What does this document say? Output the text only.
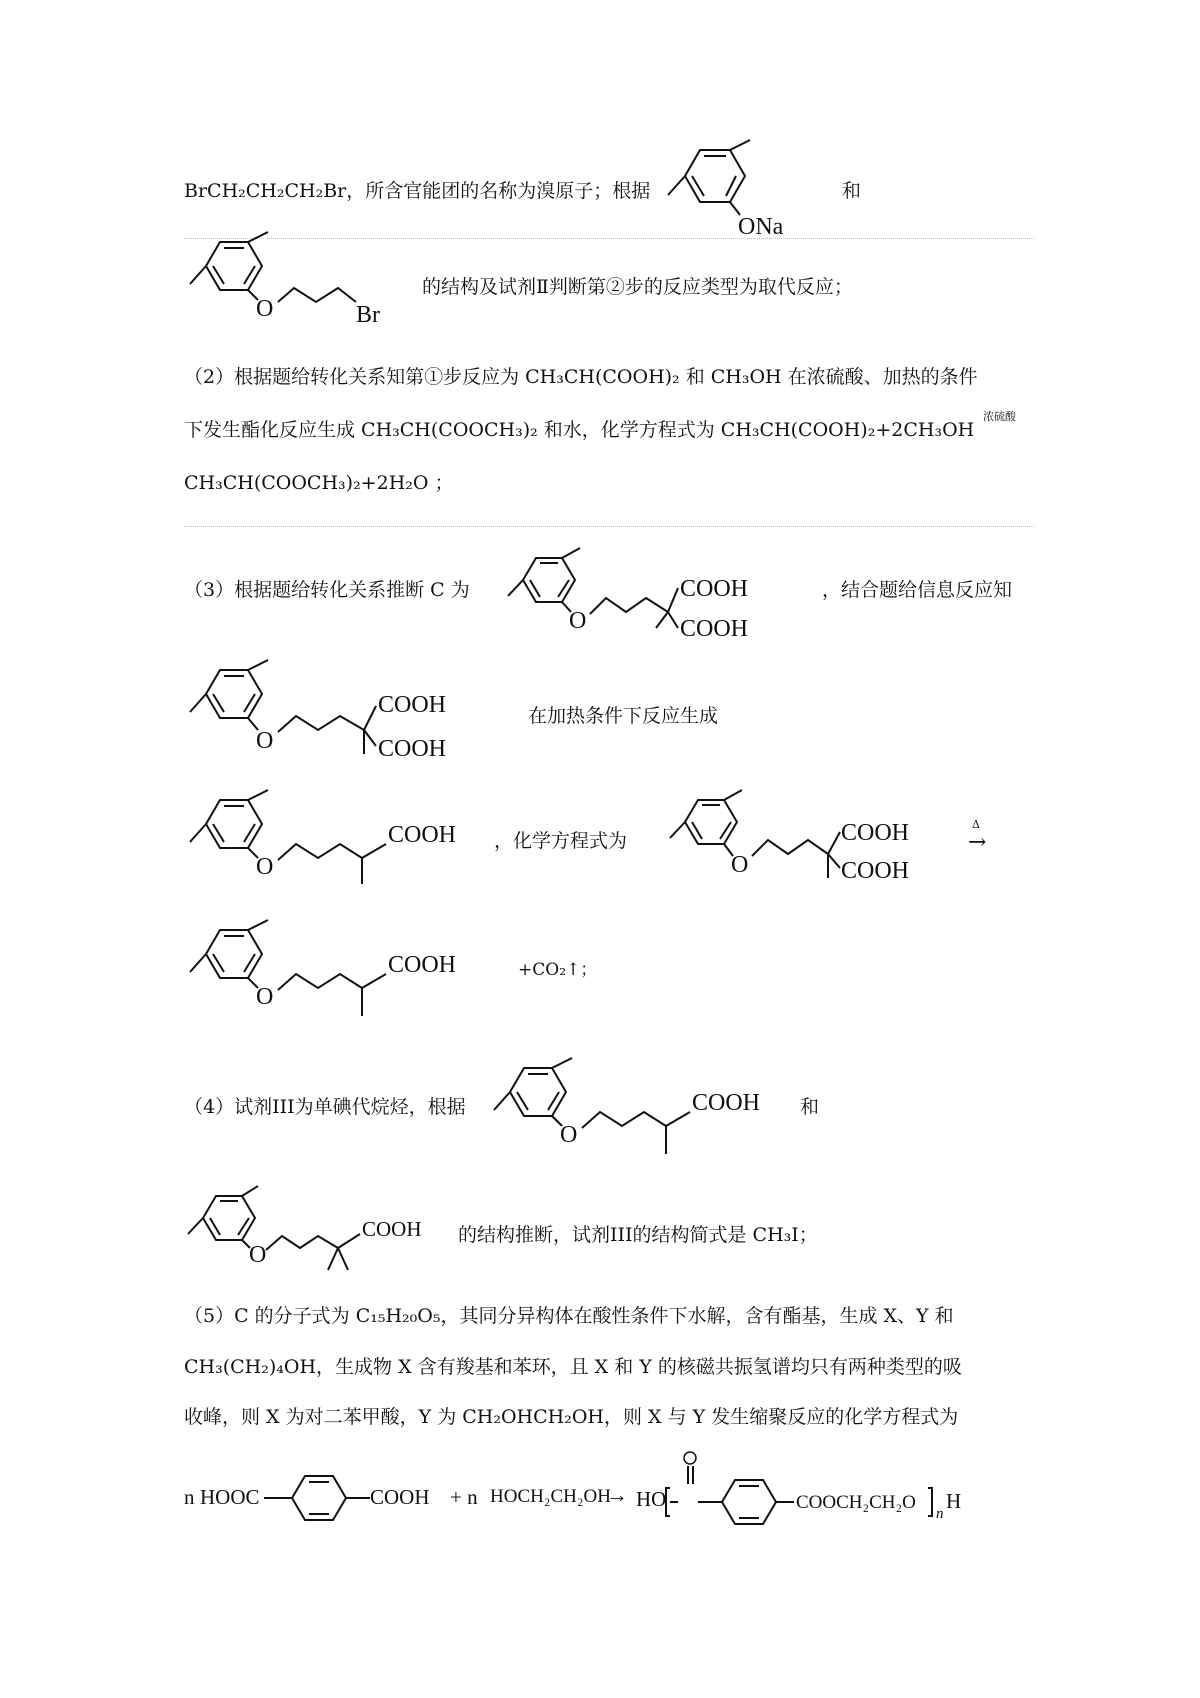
BrCH₂CH₂CH₂Br，所含官能团的名称为溴原子；根据
ONa
和
O	Br
的结构及试剂Ⅱ判断第②步的反应类型为取代反应；
（2）根据题给转化关系知第①步反应为 CH₃CH(COOH)₂ 和 CH₃OH 在浓硫酸、加热的条件
下发生酯化反应生成 CH₃CH(COOCH₃)₂ 和水，化学方程式为 CH₃CH(COOH)₂+2CH₃OH
浓硫酸
CH₃CH(COOCH₃)₂+2H₂O ；
（3）根据题给转化关系推断 C 为
O
COOH
COOH
，结合题给信息反应知
O
COOH
COOH
在加热条件下反应生成
O
COOH ，化学方程式为
O
COOH
COOH
Δ
→
O
COOH	+CO₂↑；
（4）试剂III为单碘代烷烃，根据
O
COOH 和
O
COOH 的结构推断，试剂III的结构简式是 CH₃I；
（5）C 的分子式为 C₁₅H₂₀O₅，其同分异构体在酸性条件下水解，含有酯基，生成 X、Y 和
CH₃(CH₂)₄OH，生成物 X 含有羧基和苯环，且 X 和 Y 的核磁共振氢谱均只有两种类型的吸
收峰，则 X 为对二苯甲酸，Y 为 CH₂OHCH₂OH，则 X 与 Y 发生缩聚反应的化学方程式为
n HOOC	COOH + n HOCH₂CH₂OH
→ HO	COOCH₂CH₂O
n
H
